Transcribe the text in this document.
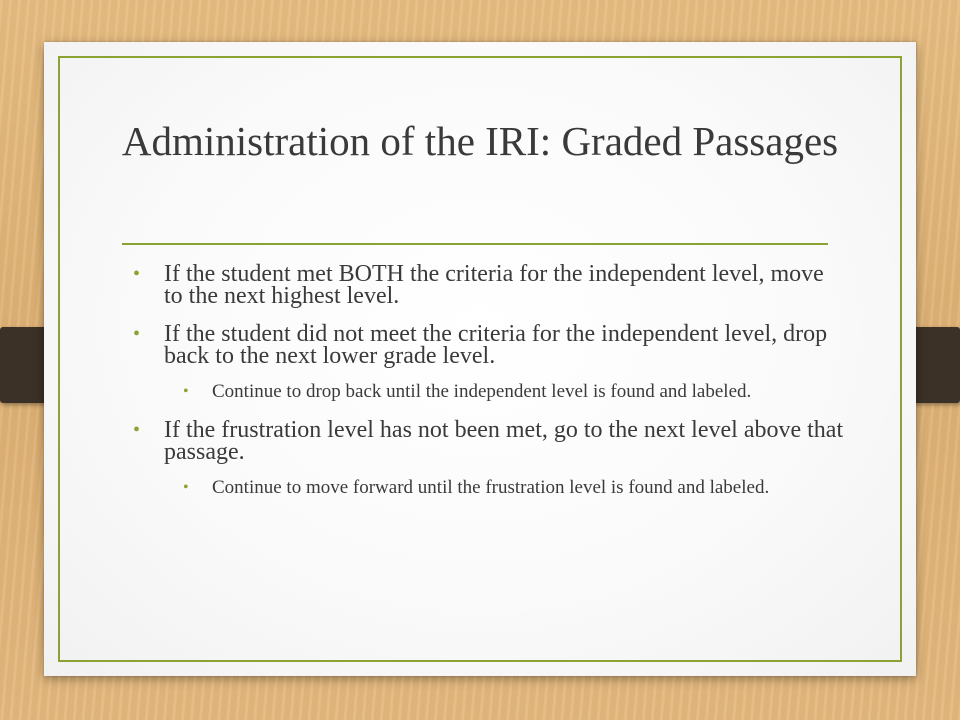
Administration of the IRI: Graded Passages
• If the student met BOTH the criteria for the independent level, move to the next highest level.
• If the student did not meet the criteria for the independent level, drop back to the next lower grade level.
• Continue to drop back until the independent level is found and labeled.
• If the frustration level has not been met, go to the next level above that passage.
• Continue to move forward until the frustration level is found and labeled.
